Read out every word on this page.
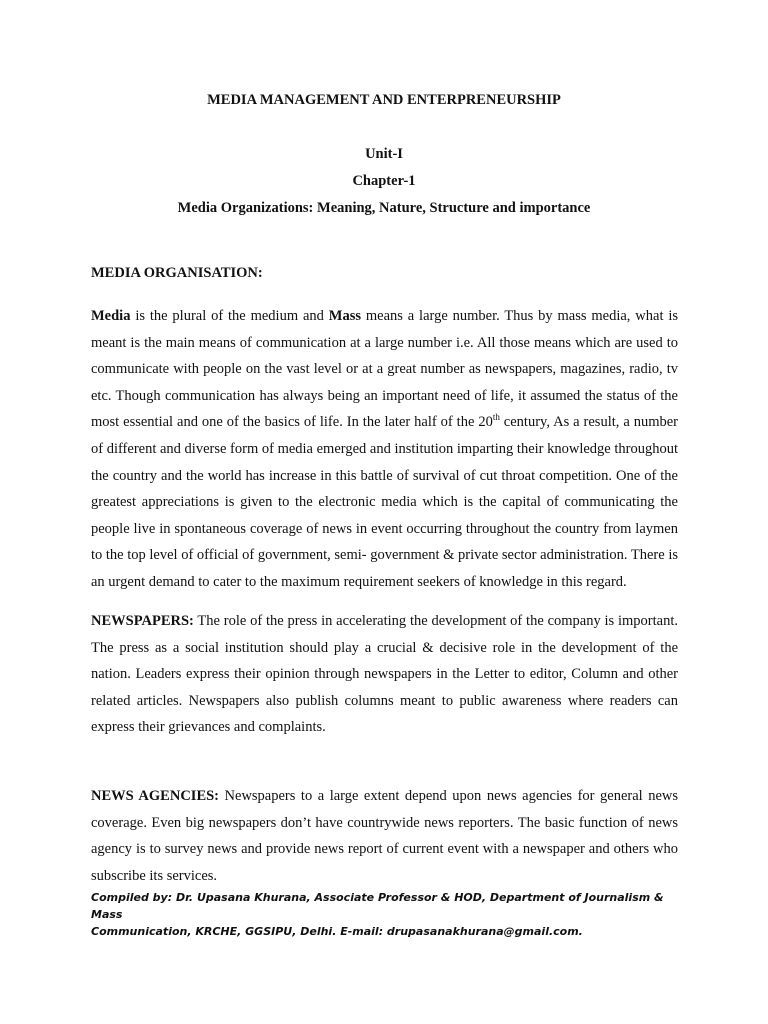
MEDIA MANAGEMENT AND ENTERPRENEURSHIP

Unit-I

Chapter-1

Media Organizations: Meaning, Nature, Structure and importance

MEDIA ORGANISATION:

Media is the plural of the medium and Mass means a large number. Thus by mass media, what is meant is the main means of communication at a large number i.e. All those means which are used to communicate with people on the vast level or at a great number as newspapers, magazines, radio, tv etc. Though communication has always being an important need of life, it assumed the status of the most essential and one of the basics of life. In the later half of the 20th century, As a result, a number of different and diverse form of media emerged and institution imparting their knowledge throughout the country and the world has increase in this battle of survival of cut throat competition. One of the greatest appreciations is given to the electronic media which is the capital of communicating the people live in spontaneous coverage of news in event occurring throughout the country from laymen to the top level of official of government, semi- government & private sector administration. There is an urgent demand to cater to the maximum requirement seekers of knowledge in this regard.

NEWSPAPERS: The role of the press in accelerating the development of the company is important. The press as a social institution should play a crucial & decisive role in the development of the nation. Leaders express their opinion through newspapers in the Letter to editor, Column and other related articles. Newspapers also publish columns meant to public awareness where readers can express their grievances and complaints.

NEWS AGENCIES: Newspapers to a large extent depend upon news agencies for general news coverage. Even big newspapers don’t have countrywide news reporters. The basic function of news agency is to survey news and provide news report of current event with a newspaper and others who subscribe its services.

Compiled by: Dr. Upasana Khurana, Associate Professor & HOD, Department of Journalism & Mass
Communication, KRCHE, GGSIPU, Delhi. E-mail: drupasanakhurana@gmail.com.
